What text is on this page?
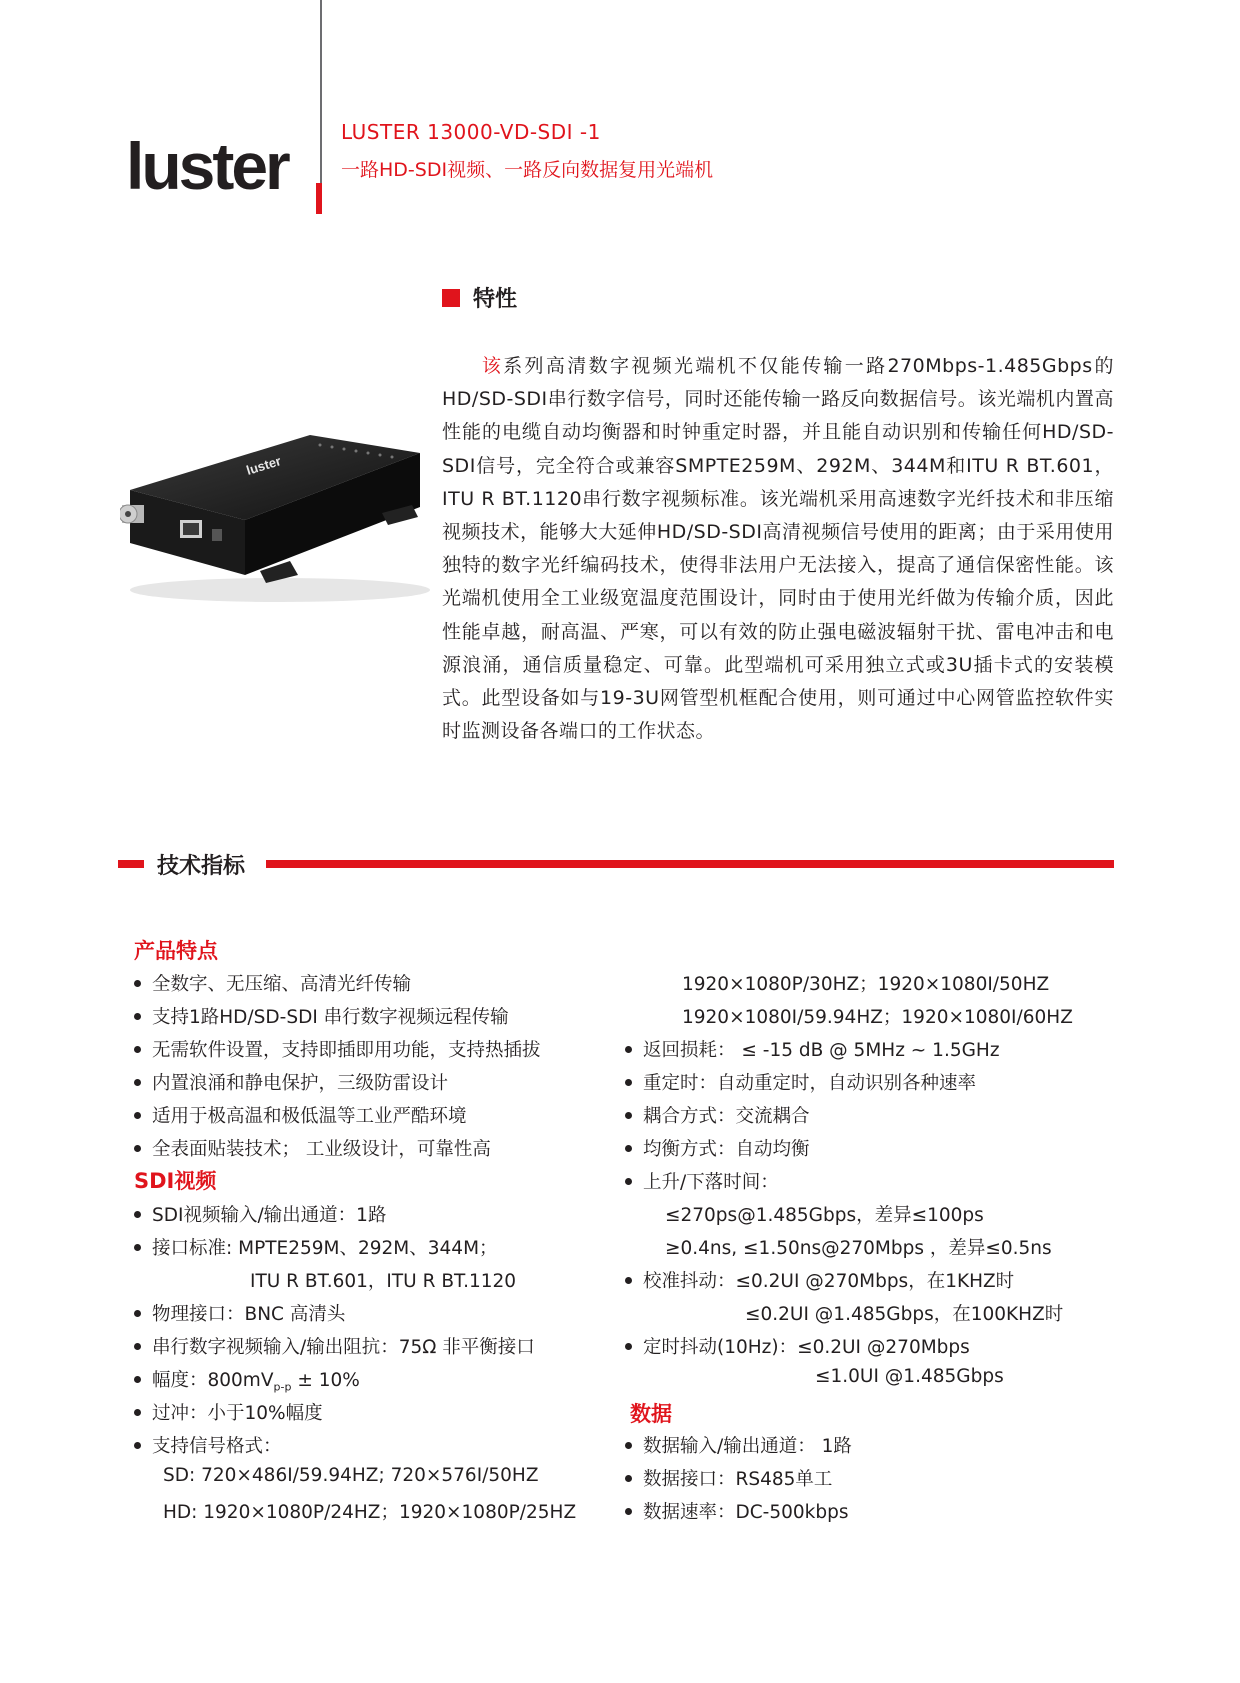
luster	LUSTER 13000-VD-SDI -1
一路HD-SDI视频、一路反向数据复用光端机
特性

该系列高清数字视频光端机不仅能传输一路270Mbps-1.485Gbps的HD/SD-SDI串行数字信号，同时还能传输一路反向数据信号。该光端机内置高性能的电缆自动均衡器和时钟重定时器，并且能自动识别和传输任何HD/SD-SDI信号，完全符合或兼容SMPTE259M、292M、344M和ITU R BT.601， ITU R BT.1120串行数字视频标准。该光端机采用高速数字光纤技术和非压缩视频技术，能够大大延伸HD/SD-SDI高清视频信号使用的距离；由于采用使用独特的数字光纤编码技术，使得非法用户无法接入，提高了通信保密性能。该光端机使用全工业级宽温度范围设计，同时由于使用光纤做为传输介质，因此性能卓越，耐高温、严寒，可以有效的防止强电磁波辐射干扰、雷电冲击和电源浪涌，通信质量稳定、可靠。此型端机可采用独立式或3U插卡式的安装模式。此型设备如与19-3U网管型机框配合使用，则可通过中心网管监控软件实时监测设备各端口的工作状态。

luster
技术指标
产品特点
全数字、无压缩、高清光纤传输
支持1路HD/SD-SDI 串行数字视频远程传输
无需软件设置，支持即插即用功能，支持热插拔
内置浪涌和静电保护，三级防雷设计
适用于极高温和极低温等工业严酷环境
全表面贴装技术； 工业级设计，可靠性高
SDI视频
SDI视频输入/输出通道：1路
接口标准: MPTE259M、292M、344M；
ITU R BT.601，ITU R BT.1120
物理接口：BNC 高清头
串行数字视频输入/输出阻抗：75Ω 非平衡接口
幅度：$800mV_{p-p} \pm 10\%$
过冲：小于10%幅度
支持信号格式：
SD: 720×486I/59.94HZ; 720×576I/50HZ
HD: 1920×1080P/24HZ；1920×1080P/25HZ
1920×1080P/30HZ；1920×1080I/50HZ
1920×1080I/59.94HZ；1920×1080I/60HZ
返回损耗： ≤ -15 dB @ 5MHz ~ 1.5GHz
重定时：自动重定时，自动识别各种速率
耦合方式：交流耦合
均衡方式：自动均衡
上升/下落时间：
≤270ps@1.485Gbps，差异≤100ps
≥0.4ns, ≤1.50ns@270Mbps ，差异≤0.5ns
校准抖动：≤0.2UI @270Mbps，在1KHZ时
≤0.2UI @1.485Gbps，在100KHZ时
定时抖动(10Hz)：≤0.2UI @270Mbps
≤1.0UI @1.485Gbps
数据
数据输入/输出通道： 1路
数据接口：RS485单工
数据速率：DC-500kbps
